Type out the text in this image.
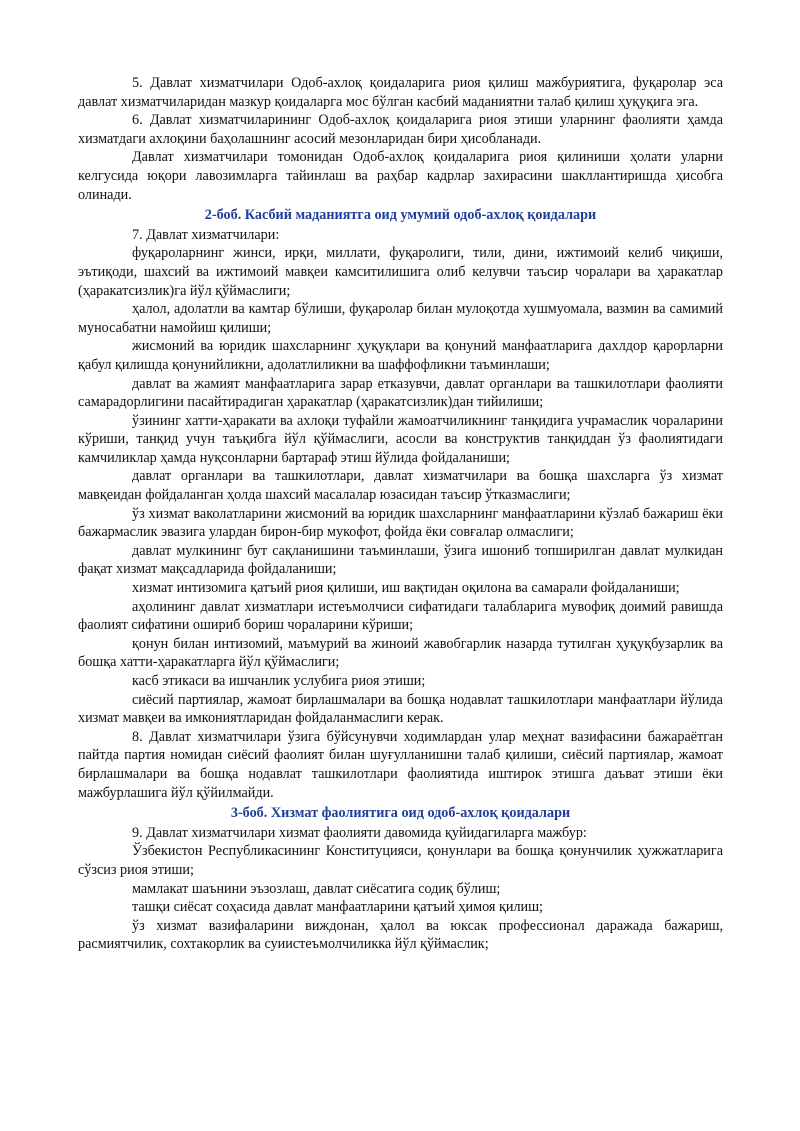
5. Давлат хизматчилари Одоб-ахлоқ қоидаларига риоя қилиш мажбуриятига, фуқаролар эса давлат хизматчиларидан мазкур қоидаларга мос бўлган касбий маданиятни талаб қилиш ҳуқуқига эга.

6. Давлат хизматчиларининг Одоб-ахлоқ қоидаларига риоя этиши уларнинг фаолияти ҳамда хизматдаги ахлоқини баҳолашнинг асосий мезонларидан бири ҳисобланади.

Давлат хизматчилари томонидан Одоб-ахлоқ қоидаларига риоя қилиниши ҳолати уларни келгусида юқори лавозимларга тайинлаш ва раҳбар кадрлар захирасини шакллантиришда ҳисобга олинади.

2-боб. Касбий маданиятга оид умумий одоб-ахлоқ қоидалари

7. Давлат хизматчилари:

фуқароларнинг жинси, ирқи, миллати, фуқаролиги, тили, дини, ижтимоий келиб чиқиши, эътиқоди, шахсий ва ижтимоий мавқеи камситилишига олиб келувчи таъсир чоралари ва ҳаракатлар (ҳаракатсизлик)га йўл қўймаслиги;

ҳалол, адолатли ва камтар бўлиши, фуқаролар билан мулоқотда хушмуомала, вазмин ва самимий муносабатни намойиш қилиши;

жисмоний ва юридик шахсларнинг ҳуқуқлари ва қонуний манфаатларига дахлдор қарорларни қабул қилишда қонунийликни, адолатлиликни ва шаффофликни таъминлаши;

давлат ва жамият манфаатларига зарар етказувчи, давлат органлари ва ташкилотлари фаолияти самарадорлигини пасайтирадиган ҳаракатлар (ҳаракатсизлик)дан тийилиши;

ўзининг хатти-ҳаракати ва ахлоқи туфайли жамоатчиликнинг танқидига учрамаслик чораларини кўриши, танқид учун таъқибга йўл қўймаслиги, асосли ва конструктив танқиддан ўз фаолиятидаги камчиликлар ҳамда нуқсонларни бартараф этиш йўлида фойдаланиши;

давлат органлари ва ташкилотлари, давлат хизматчилари ва бошқа шахсларга ўз хизмат мавқеидан фойдаланган ҳолда шахсий масалалар юзасидан таъсир ўтказмаслиги;

ўз хизмат ваколатларини жисмоний ва юридик шахсларнинг манфаатларини кўзлаб бажариш ёки бажармаслик эвазига улардан бирон-бир мукофот, фойда ёки совғалар олмаслиги;

давлат мулкининг бут сақланишини таъминлаши, ўзига ишониб топширилган давлат мулкидан фақат хизмат мақсадларида фойдаланиши;

хизмат интизомига қатъий риоя қилиши, иш вақтидан оқилона ва самарали фойдаланиши;

аҳолининг давлат хизматлари истеъмолчиси сифатидаги талабларига мувофиқ доимий равишда фаолият сифатини ошириб бориш чораларини кўриши;

қонун билан интизомий, маъмурий ва жиноий жавобгарлик назарда тутилган ҳуқуқбузарлик ва бошқа хатти-ҳаракатларга йўл қўймаслиги;

касб этикаси ва ишчанлик услубига риоя этиши;

сиёсий партиялар, жамоат бирлашмалари ва бошқа нодавлат ташкилотлари манфаатлари йўлида хизмат мавқеи ва имкониятларидан фойдаланмаслиги керак.

8. Давлат хизматчилари ўзига бўйсунувчи ходимлардан улар меҳнат вазифасини бажараётган пайтда партия номидан сиёсий фаолият билан шуғулланишни талаб қилиши, сиёсий партиялар, жамоат бирлашмалари ва бошқа нодавлат ташкилотлари фаолиятида иштирок этишга даъват этиши ёки мажбурлашига йўл қўйилмайди.

3-боб. Хизмат фаолиятига оид одоб-ахлоқ қоидалари

9. Давлат хизматчилари хизмат фаолияти давомида қуйидагиларга мажбур:

Ўзбекистон Республикасининг Конституцияси, қонунлари ва бошқа қонунчилик ҳужжатларига сўзсиз риоя этиши;

мамлакат шаънини эъзозлаш, давлат сиёсатига содиқ бўлиш;

ташқи сиёсат соҳасида давлат манфаатларини қатъий ҳимоя қилиш;

ўз хизмат вазифаларини виждонан, ҳалол ва юксак профессионал даражада бажариш, расмиятчилик, сохтакорлик ва суиистеъмолчиликка йўл қўймаслик;
